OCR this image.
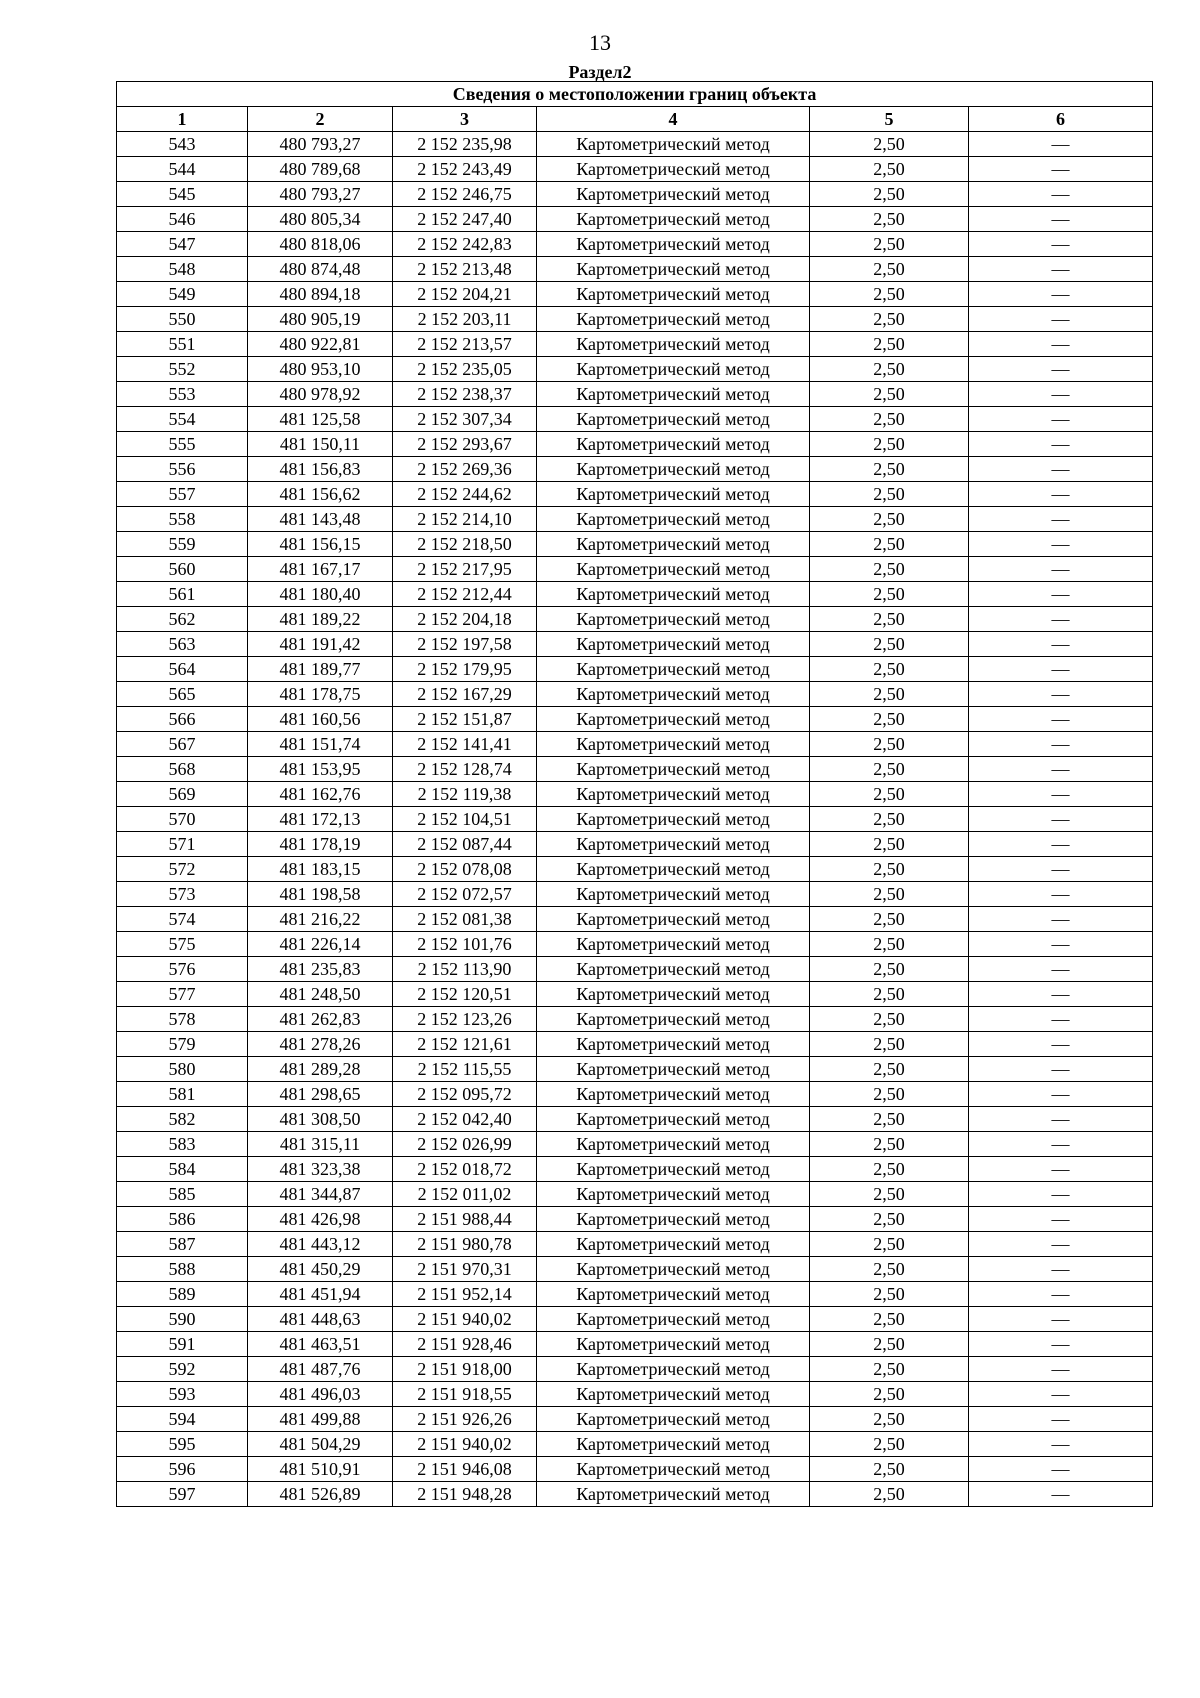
13
Раздел2
Сведения о местоположении границ объекта					
1	2	3	4	5	6
543	480 793,27	2 152 235,98	Картометрический метод	2,50	—
544	480 789,68	2 152 243,49	Картометрический метод	2,50	—
545	480 793,27	2 152 246,75	Картометрический метод	2,50	—
546	480 805,34	2 152 247,40	Картометрический метод	2,50	—
547	480 818,06	2 152 242,83	Картометрический метод	2,50	—
548	480 874,48	2 152 213,48	Картометрический метод	2,50	—
549	480 894,18	2 152 204,21	Картометрический метод	2,50	—
550	480 905,19	2 152 203,11	Картометрический метод	2,50	—
551	480 922,81	2 152 213,57	Картометрический метод	2,50	—
552	480 953,10	2 152 235,05	Картометрический метод	2,50	—
553	480 978,92	2 152 238,37	Картометрический метод	2,50	—
554	481 125,58	2 152 307,34	Картометрический метод	2,50	—
555	481 150,11	2 152 293,67	Картометрический метод	2,50	—
556	481 156,83	2 152 269,36	Картометрический метод	2,50	—
557	481 156,62	2 152 244,62	Картометрический метод	2,50	—
558	481 143,48	2 152 214,10	Картометрический метод	2,50	—
559	481 156,15	2 152 218,50	Картометрический метод	2,50	—
560	481 167,17	2 152 217,95	Картометрический метод	2,50	—
561	481 180,40	2 152 212,44	Картометрический метод	2,50	—
562	481 189,22	2 152 204,18	Картометрический метод	2,50	—
563	481 191,42	2 152 197,58	Картометрический метод	2,50	—
564	481 189,77	2 152 179,95	Картометрический метод	2,50	—
565	481 178,75	2 152 167,29	Картометрический метод	2,50	—
566	481 160,56	2 152 151,87	Картометрический метод	2,50	—
567	481 151,74	2 152 141,41	Картометрический метод	2,50	—
568	481 153,95	2 152 128,74	Картометрический метод	2,50	—
569	481 162,76	2 152 119,38	Картометрический метод	2,50	—
570	481 172,13	2 152 104,51	Картометрический метод	2,50	—
571	481 178,19	2 152 087,44	Картометрический метод	2,50	—
572	481 183,15	2 152 078,08	Картометрический метод	2,50	—
573	481 198,58	2 152 072,57	Картометрический метод	2,50	—
574	481 216,22	2 152 081,38	Картометрический метод	2,50	—
575	481 226,14	2 152 101,76	Картометрический метод	2,50	—
576	481 235,83	2 152 113,90	Картометрический метод	2,50	—
577	481 248,50	2 152 120,51	Картометрический метод	2,50	—
578	481 262,83	2 152 123,26	Картометрический метод	2,50	—
579	481 278,26	2 152 121,61	Картометрический метод	2,50	—
580	481 289,28	2 152 115,55	Картометрический метод	2,50	—
581	481 298,65	2 152 095,72	Картометрический метод	2,50	—
582	481 308,50	2 152 042,40	Картометрический метод	2,50	—
583	481 315,11	2 152 026,99	Картометрический метод	2,50	—
584	481 323,38	2 152 018,72	Картометрический метод	2,50	—
585	481 344,87	2 152 011,02	Картометрический метод	2,50	—
586	481 426,98	2 151 988,44	Картометрический метод	2,50	—
587	481 443,12	2 151 980,78	Картометрический метод	2,50	—
588	481 450,29	2 151 970,31	Картометрический метод	2,50	—
589	481 451,94	2 151 952,14	Картометрический метод	2,50	—
590	481 448,63	2 151 940,02	Картометрический метод	2,50	—
591	481 463,51	2 151 928,46	Картометрический метод	2,50	—
592	481 487,76	2 151 918,00	Картометрический метод	2,50	—
593	481 496,03	2 151 918,55	Картометрический метод	2,50	—
594	481 499,88	2 151 926,26	Картометрический метод	2,50	—
595	481 504,29	2 151 940,02	Картометрический метод	2,50	—
596	481 510,91	2 151 946,08	Картометрический метод	2,50	—
597	481 526,89	2 151 948,28	Картометрический метод	2,50	—
